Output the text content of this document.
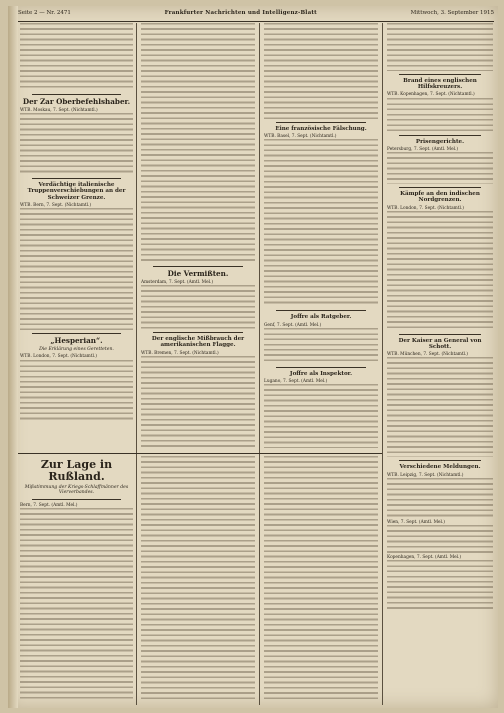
Seite 2 — Nr. 2471	Frankfurter Nachrichten und Intelligenz-Blatt	Mittwoch, 3. September 1915
Der Zar Oberbefehlshaber.
WTB. Moskau, 7. Sept. (Nichtamtl.)
Verdächtige italienische Truppenverschiebungen an der Schweizer Grenze.
WTB. Bern, 7. Sept. (Nichtamtl.)
„Hesperian“.
Die Erklärung eines Geretteten.
WTB. London, 7. Sept. (Nichtamtl.)
Die Vermißten.
Amsterdam, 7. Sept. (Amtl. Mel.)
Der englische Mißbrauch der amerikanischen Flagge.
WTB. Bremen, 7. Sept. (Nichtamtl.)
Eine französische Fälschung.
WTB. Basel, 7. Sept. (Nichtamtl.)
Joffre als Ratgeber.
Genf, 7. Sept. (Amtl. Mel.)
Joffre als Inspektor.
Lugano, 7. Sept. (Amtl. Mel.)
Brand eines englischen Hilfskreuzers.
WTB. Kopenhagen, 7. Sept. (Nichtamtl.)
Prisengerichte.
Petersburg, 7. Sept. (Amtl. Mel.)
Kämpfe an den indischen Nordgrenzen.
WTB. London, 7. Sept. (Nichtamtl.)
Der Kaiser an General von Schott.
WTB. München, 7. Sept. (Nichtamtl.)
Verschiedene Meldungen.
WTB. Leipzig, 7. Sept. (Nichtamtl.)
Wien, 7. Sept. (Amtl. Mel.)
Kopenhagen, 7. Sept. (Amtl. Mel.)
Zur Lage in Rußland.
Mißstimmung der Kriegs-Schlaffmänner des Vierverbandes.
Bern, 7. Sept. (Amtl. Mel.)
